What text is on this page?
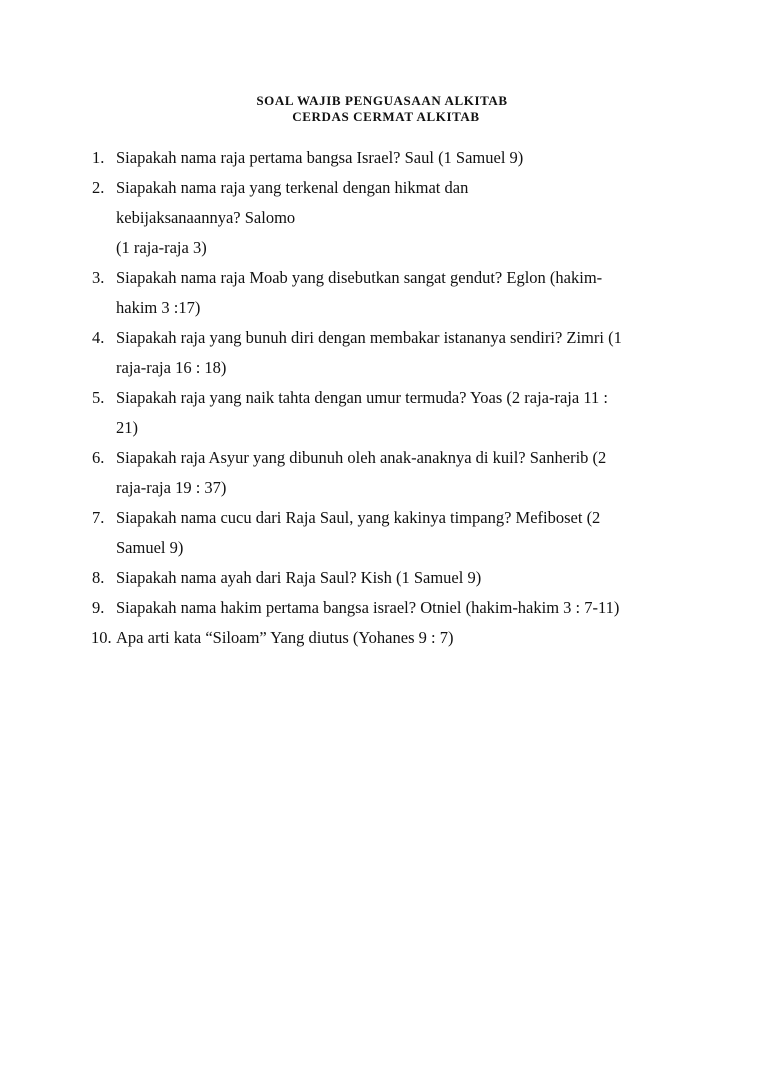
SOAL WAJIB PENGUASAAN ALKITAB
CERDAS CERMAT ALKITAB
1. Siapakah nama raja pertama bangsa Israel? Saul (1 Samuel 9)
2. Siapakah nama raja yang terkenal dengan hikmat dan
kebijaksanaannya? Salomo
(1 raja-raja 3)
3. Siapakah nama raja Moab yang disebutkan sangat gendut? Eglon (hakim-
hakim 3 :17)
4. Siapakah raja yang bunuh diri dengan membakar istananya sendiri? Zimri (1
raja-raja 16 : 18)
5. Siapakah raja yang naik tahta dengan umur termuda? Yoas (2 raja-raja 11 :
21)
6. Siapakah raja Asyur yang dibunuh oleh anak-anaknya di kuil? Sanherib (2
raja-raja 19 : 37)
7. Siapakah nama cucu dari Raja Saul, yang kakinya timpang? Mefiboset (2
Samuel 9)
8. Siapakah nama ayah dari Raja Saul? Kish (1 Samuel 9)
9. Siapakah nama hakim pertama bangsa israel? Otniel (hakim-hakim 3 : 7-11)
10. Apa arti kata “Siloam” Yang diutus (Yohanes 9 : 7)
